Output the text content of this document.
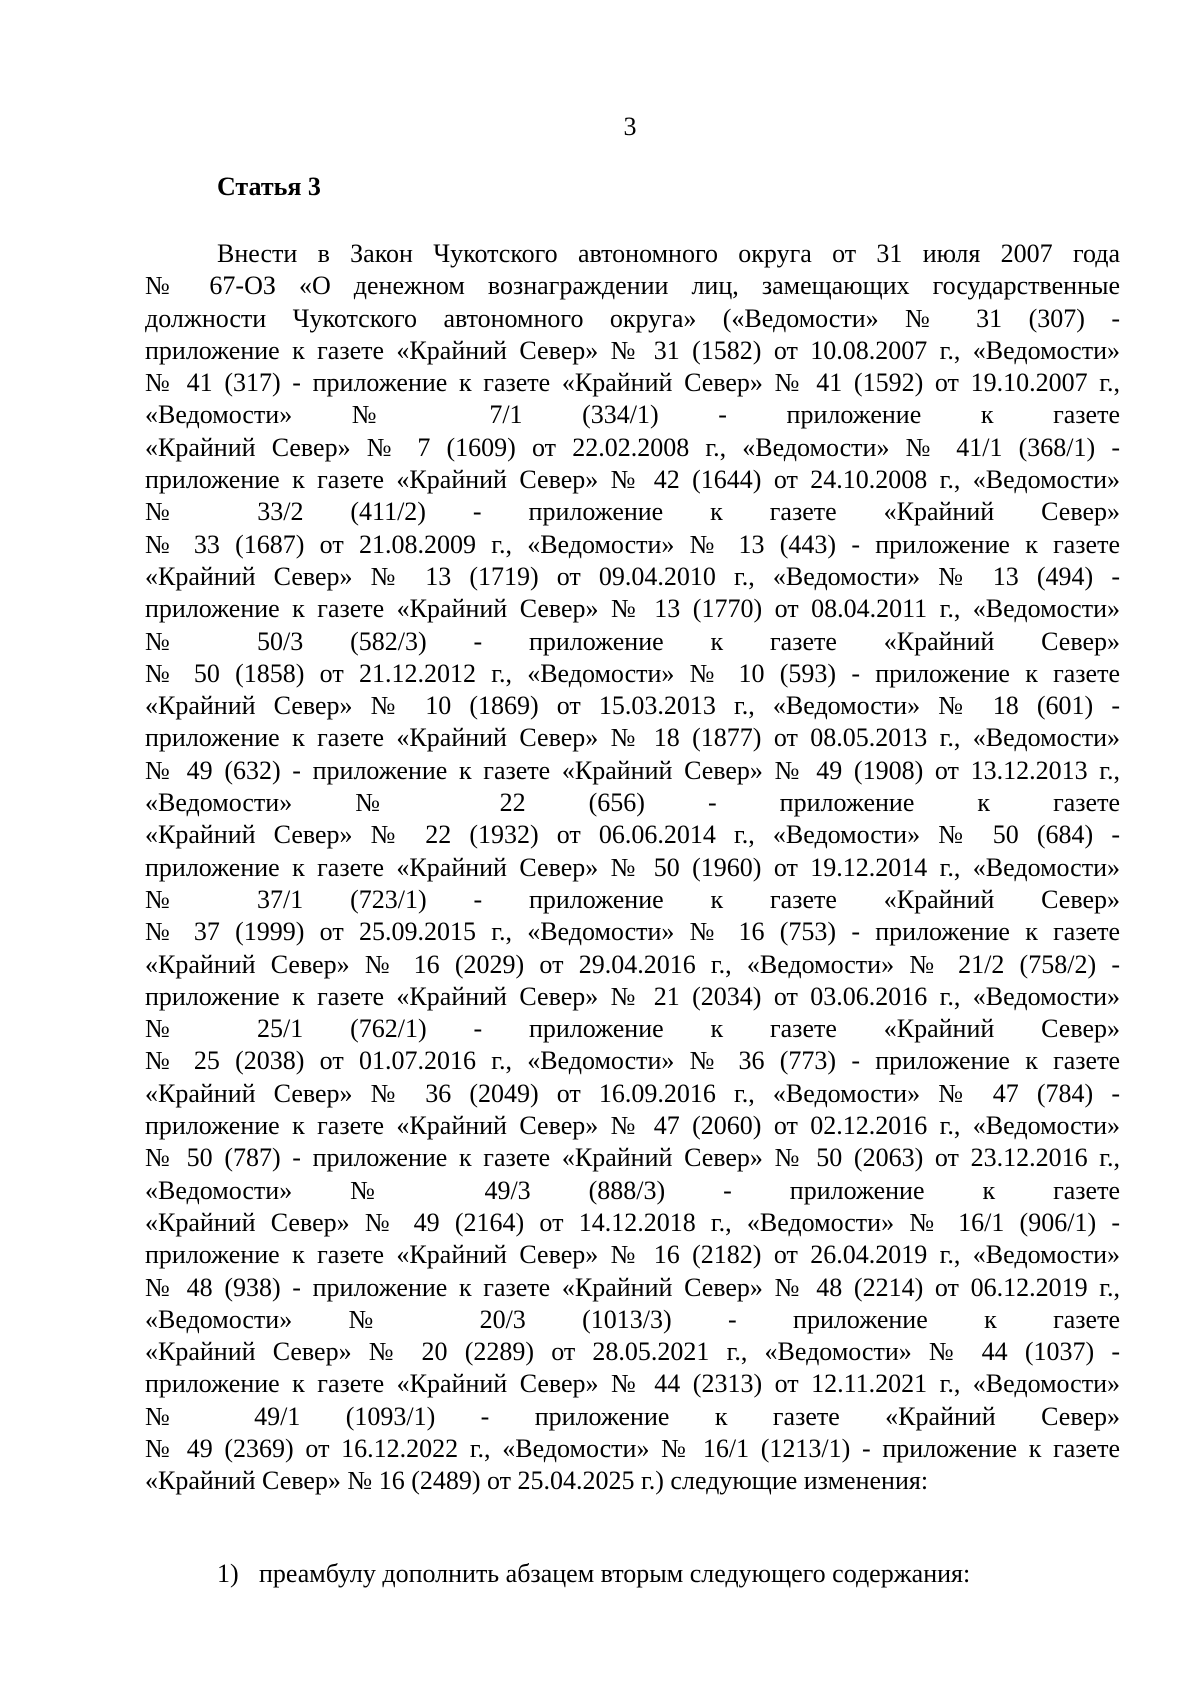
3
Статья 3
Внести в Закон Чукотского автономного округа от 31 июля 2007 года
№ 67-ОЗ «О денежном вознаграждении лиц, замещающих государственные
должности Чукотского автономного округа» («Ведомости» № 31 (307) -
приложение к газете «Крайний Север» № 31 (1582) от 10.08.2007 г., «Ведомости»
№ 41 (317) - приложение к газете «Крайний Север» № 41 (1592) от 19.10.2007 г.,
«Ведомости» № 7/1 (334/1) - приложение к газете
«Крайний Север» № 7 (1609) от 22.02.2008 г., «Ведомости» № 41/1 (368/1) -
приложение к газете «Крайний Север» № 42 (1644) от 24.10.2008 г., «Ведомости»
№ 33/2 (411/2) - приложение к газете «Крайний Север»
№ 33 (1687) от 21.08.2009 г., «Ведомости» № 13 (443) - приложение к газете
«Крайний Север» № 13 (1719) от 09.04.2010 г., «Ведомости» № 13 (494) -
приложение к газете «Крайний Север» № 13 (1770) от 08.04.2011 г., «Ведомости»
№ 50/3 (582/3) - приложение к газете «Крайний Север»
№ 50 (1858) от 21.12.2012 г., «Ведомости» № 10 (593) - приложение к газете
«Крайний Север» № 10 (1869) от 15.03.2013 г., «Ведомости» № 18 (601) -
приложение к газете «Крайний Север» № 18 (1877) от 08.05.2013 г., «Ведомости»
№ 49 (632) - приложение к газете «Крайний Север» № 49 (1908) от 13.12.2013 г.,
«Ведомости» № 22 (656) - приложение к газете
«Крайний Север» № 22 (1932) от 06.06.2014 г., «Ведомости» № 50 (684) -
приложение к газете «Крайний Север» № 50 (1960) от 19.12.2014 г., «Ведомости»
№ 37/1 (723/1) - приложение к газете «Крайний Север»
№ 37 (1999) от 25.09.2015 г., «Ведомости» № 16 (753) - приложение к газете
«Крайний Север» № 16 (2029) от 29.04.2016 г., «Ведомости» № 21/2 (758/2) -
приложение к газете «Крайний Север» № 21 (2034) от 03.06.2016 г., «Ведомости»
№ 25/1 (762/1) - приложение к газете «Крайний Север»
№ 25 (2038) от 01.07.2016 г., «Ведомости» № 36 (773) - приложение к газете
«Крайний Север» № 36 (2049) от 16.09.2016 г., «Ведомости» № 47 (784) -
приложение к газете «Крайний Север» № 47 (2060) от 02.12.2016 г., «Ведомости»
№ 50 (787) - приложение к газете «Крайний Север» № 50 (2063) от 23.12.2016 г.,
«Ведомости» № 49/3 (888/3) - приложение к газете
«Крайний Север» № 49 (2164) от 14.12.2018 г., «Ведомости» № 16/1 (906/1) -
приложение к газете «Крайний Север» № 16 (2182) от 26.04.2019 г., «Ведомости»
№ 48 (938) - приложение к газете «Крайний Север» № 48 (2214) от 06.12.2019 г.,
«Ведомости» № 20/3 (1013/3) - приложение к газете
«Крайний Север» № 20 (2289) от 28.05.2021 г., «Ведомости» № 44 (1037) -
приложение к газете «Крайний Север» № 44 (2313) от 12.11.2021 г., «Ведомости»
№ 49/1 (1093/1) - приложение к газете «Крайний Север»
№ 49 (2369) от 16.12.2022 г., «Ведомости» № 16/1 (1213/1) - приложение к газете
«Крайний Север» № 16 (2489) от 25.04.2025 г.) следующие изменения:
1) преамбулу дополнить абзацем вторым следующего содержания:
